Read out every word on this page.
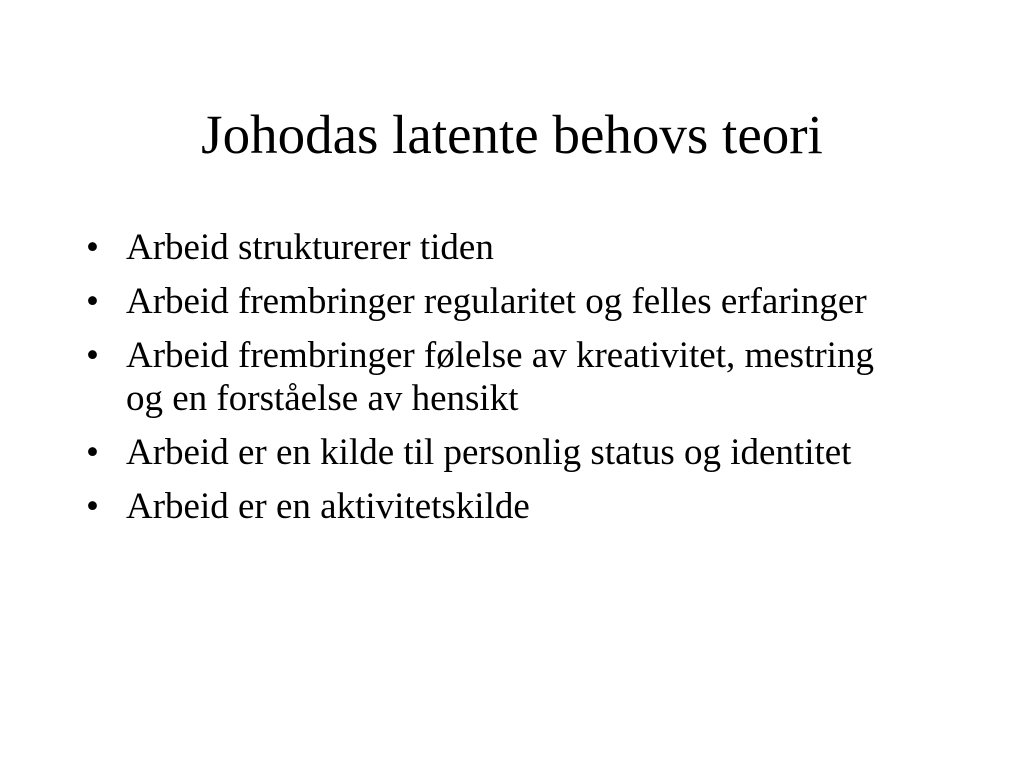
Johodas latente behovs teori
• Arbeid strukturerer tiden
• Arbeid frembringer regularitet og felles erfaringer
• Arbeid frembringer følelse av kreativitet, mestring og en forståelse av hensikt
• Arbeid er en kilde til personlig status og identitet
• Arbeid er en aktivitetskilde
